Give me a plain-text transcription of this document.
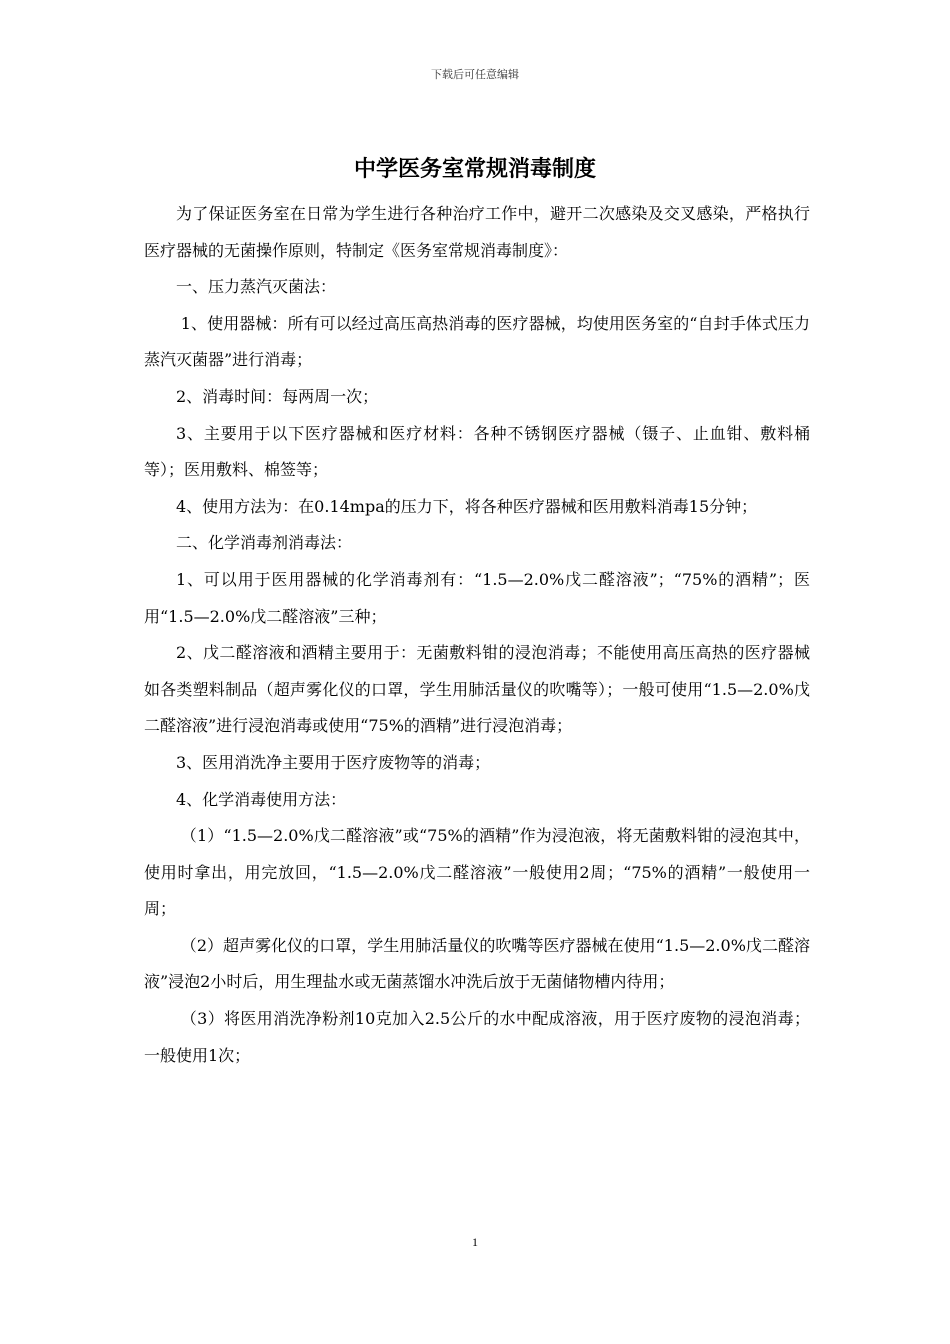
下载后可任意编辑
中学医务室常规消毒制度

为了保证医务室在日常为学生进行各种治疗工作中，避开二次感染及交叉感染，严格执行医疗器械的无菌操作原则，特制定《医务室常规消毒制度》：

一、压力蒸汽灭菌法：

1、使用器械：所有可以经过高压高热消毒的医疗器械，均使用医务室的“自封手体式压力蒸汽灭菌器”进行消毒；

2、消毒时间：每两周一次；

3、主要用于以下医疗器械和医疗材料：各种不锈钢医疗器械（镊子、止血钳、敷料桶等）；医用敷料、棉签等；

4、使用方法为：在0.14mpa的压力下，将各种医疗器械和医用敷料消毒15分钟；

二、化学消毒剂消毒法：

1、可以用于医用器械的化学消毒剂有：“1.5—2.0%戊二醛溶液”；“75%的酒精”；医用“1.5—2.0%戊二醛溶液”三种；

2、戊二醛溶液和酒精主要用于：无菌敷料钳的浸泡消毒；不能使用高压高热的医疗器械如各类塑料制品（超声雾化仪的口罩，学生用肺活量仪的吹嘴等）；一般可使用“1.5—2.0%戊二醛溶液”进行浸泡消毒或使用“75%的酒精”进行浸泡消毒；

3、医用消洗净主要用于医疗废物等的消毒；

4、化学消毒使用方法：

（1）“1.5—2.0%戊二醛溶液”或“75%的酒精”作为浸泡液，将无菌敷料钳的浸泡其中，使用时拿出，用完放回，“1.5—2.0%戊二醛溶液”一般使用2周；“75%的酒精”一般使用一周；

（2）超声雾化仪的口罩，学生用肺活量仪的吹嘴等医疗器械在使用“1.5—2.0%戊二醛溶液”浸泡2小时后，用生理盐水或无菌蒸馏水冲洗后放于无菌储物槽内待用；

（3）将医用消洗净粉剂10克加入2.5公斤的水中配成溶液，用于医疗废物的浸泡消毒；一般使用1次；

1
